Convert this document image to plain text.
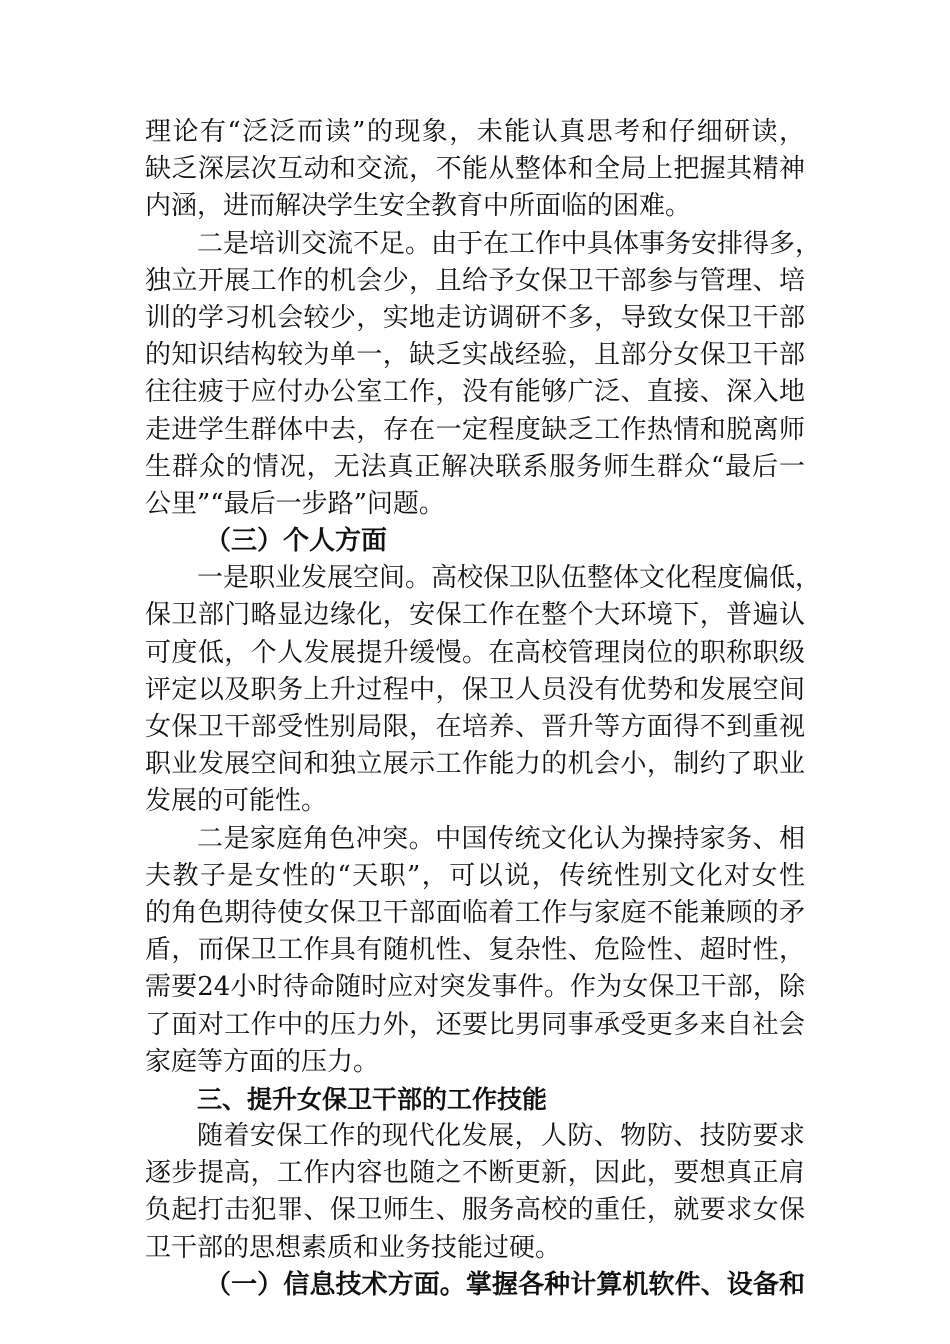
理论有“泛泛而读”的现象，未能认真思考和仔细研读，
缺乏深层次互动和交流，不能从整体和全局上把握其精神
内涵，进而解决学生安全教育中所面临的困难。
二是培训交流不足。由于在工作中具体事务安排得多，
独立开展工作的机会少，且给予女保卫干部参与管理、培
训的学习机会较少，实地走访调研不多，导致女保卫干部
的知识结构较为单一，缺乏实战经验，且部分女保卫干部
往往疲于应付办公室工作，没有能够广泛、直接、深入地
走进学生群体中去，存在一定程度缺乏工作热情和脱离师
生群众的情况，无法真正解决联系服务师生群众“最后一
公里”“最后一步路”问题。
（三）个人方面
一是职业发展空间。高校保卫队伍整体文化程度偏低，
保卫部门略显边缘化，安保工作在整个大环境下，普遍认
可度低，个人发展提升缓慢。在高校管理岗位的职称职级
评定以及职务上升过程中，保卫人员没有优势和发展空间
女保卫干部受性别局限，在培养、晋升等方面得不到重视
职业发展空间和独立展示工作能力的机会小，制约了职业
发展的可能性。
二是家庭角色冲突。中国传统文化认为操持家务、相
夫教子是女性的“天职”，可以说，传统性别文化对女性
的角色期待使女保卫干部面临着工作与家庭不能兼顾的矛
盾，而保卫工作具有随机性、复杂性、危险性、超时性，
需要24小时待命随时应对突发事件。作为女保卫干部，除
了面对工作中的压力外，还要比男同事承受更多来自社会
家庭等方面的压力。
三、提升女保卫干部的工作技能
随着安保工作的现代化发展，人防、物防、技防要求
逐步提高，工作内容也随之不断更新，因此，要想真正肩
负起打击犯罪、保卫师生、服务高校的重任，就要求女保
卫干部的思想素质和业务技能过硬。
（一）信息技术方面。掌握各种计算机软件、设备和
